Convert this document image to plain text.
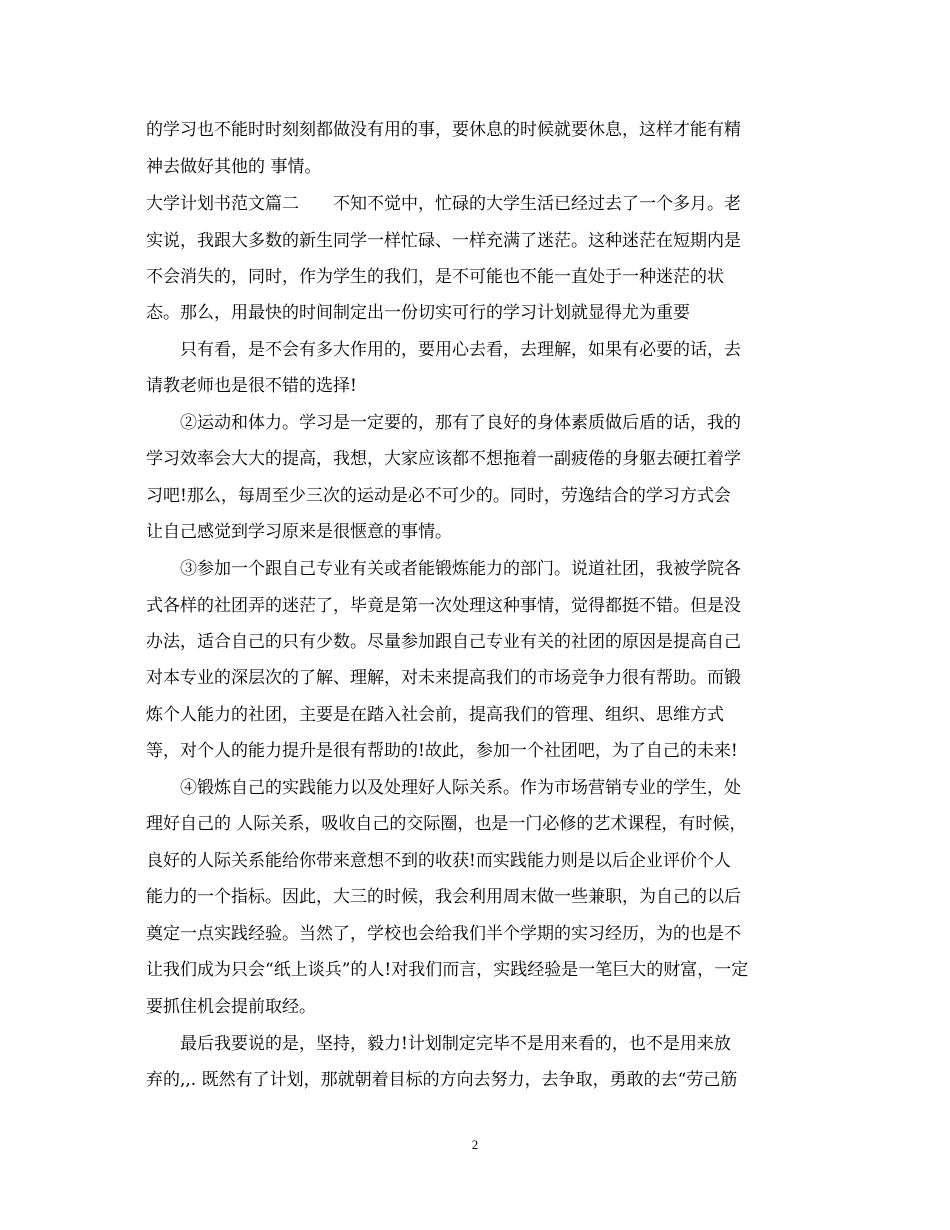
的学习也不能时时刻刻都做没有用的事，要休息的时候就要休息，这样才能有精
神去做好其他的 事情。
大学计划书范文篇二　　不知不觉中，忙碌的大学生活已经过去了一个多月。老
实说，我跟大多数的新生同学一样忙碌、一样充满了迷茫。这种迷茫在短期内是
不会消失的，同时，作为学生的我们，是不可能也不能一直处于一种迷茫的状
态。那么，用最快的时间制定出一份切实可行的学习计划就显得尤为重要
　　只有看，是不会有多大作用的，要用心去看，去理解，如果有必要的话，去
请教老师也是很不错的选择!
　　②运动和体力。学习是一定要的，那有了良好的身体素质做后盾的话，我的
学习效率会大大的提高，我想，大家应该都不想拖着一副疲倦的身躯去硬扛着学
习吧!那么，每周至少三次的运动是必不可少的。同时，劳逸结合的学习方式会
让自己感觉到学习原来是很惬意的事情。
　　③参加一个跟自己专业有关或者能锻炼能力的部门。说道社团，我被学院各
式各样的社团弄的迷茫了，毕竟是第一次处理这种事情，觉得都挺不错。但是没
办法，适合自己的只有少数。尽量参加跟自己专业有关的社团的原因是提高自己
对本专业的深层次的了解、理解，对未来提高我们的市场竞争力很有帮助。而锻
炼个人能力的社团，主要是在踏入社会前，提高我们的管理、组织、思维方式
等，对个人的能力提升是很有帮助的!故此，参加一个社团吧，为了自己的未来!
　　④锻炼自己的实践能力以及处理好人际关系。作为市场营销专业的学生，处
理好自己的 人际关系，吸收自己的交际圈，也是一门必修的艺术课程，有时候，
良好的人际关系能给你带来意想不到的收获!而实践能力则是以后企业评价个人
能力的一个指标。因此，大三的时候，我会利用周末做一些兼职，为自己的以后
奠定一点实践经验。当然了，学校也会给我们半个学期的实习经历，为的也是不
让我们成为只会“纸上谈兵”的人!对我们而言，实践经验是一笔巨大的财富，一定
要抓住机会提前取经。
　　最后我要说的是，坚持，毅力!计划制定完毕不是用来看的，也不是用来放
弃的,,. 既然有了计划，那就朝着目标的方向去努力，去争取，勇敢的去“劳己筋
2
